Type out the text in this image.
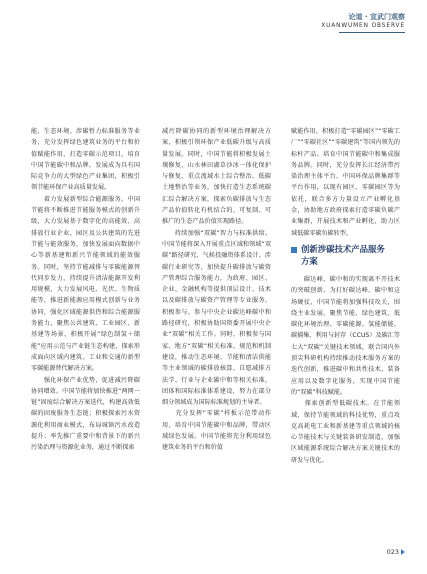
论道 · 宣武门观察
XUANWUMEN OBSERVE

能、生态环境、涉碳暂力标准服务等业务，充分发挥绿色建筑业务的平台和价值赋能作用，打造零碳示范项目，培育中国节能碳中和品牌，发展成为具有国际竞争力的大型绿色产业集团，积极引领节能环保产业高质量发展。
　　着力发展新型综合能源服务。中国节能将不断推进节能服务模式的创新升级，大力发展基于数字化的高能效、高排放行业企业、园区及公共建筑的先进节能与能效服务，加快发展面向数据中心等新基建和新兴节能领域的能效服务。同时，坚持节能减排与零碳能源替代同步发力，持续提升清洁能源开发利用规模，大力发展风电、光伏、生物质能等，推进新能源应用模式创新与业务协同，强化区域能源供热和综合能源服务能力，聚焦公共建筑、工业园区、新基建等场景，积极开展“绿色制氢＋储能”应用示范与产业链生态构建，探索形成面向区域内建筑、工业和交通的新型零碳能源替代解决方案。
　　强化环保产业优势，促进减污降碳协同增效。中国节能将加快推进“两网一链”固废综合解决方案迭代，构建高效低碳的固废服务生态链；积极探索污水资源化利用商业模式，布局城镇污水改造提升；率先推广重要中和背景下的新兴污染治理与资源化业务，通过不断探索

减污降碳协同的新型环境治理解决方案，积极引领环保产业低碳升级与高质量发展。同时，中国节能将积极发展土壤修复、山水林田湖草沙冰一体化保护与修复，重点流域水土综合整治、低碳土地整治等业务，加快打造生态系统碳汇综合解决方案，探索负碳排放与生态产品价值转化有机结合的、可复制、可推广的生态产品价值实现路径。
　　持续加强“双碳”智力与标准供给。中国节能将深入开展重点区域和领域“双碳”路径研究、气候投融资体系设计、涉碳行业研究等，加快提升碳排放与碳资产管理综合服务能力，为政府、园区、企业、金融机构等提供顶层设计、技术以及碳排放与碳资产管理等专业服务，积极参与、参与中央企业碳达峰碳中和路径研究，积极协助国资委开展中央企业“双碳”相关工作。同时，积极参与国家、地方“双碳”相关标准、规范和机制建设，推动生态环境、节能和清洁供能等主业领域的碳排放核算、自愿减排方法学、行业与企业碳中和等相关标准，团体和国际标准体系建设，努力在部分细分领域成为国际标准规划的主导者。
　　充分发挥“零碳”样板示范带动作用，培育中国节能碳中和品牌，带动区域绿色发展。中国节能将充分利用绿色建筑业务的平台和价值

赋能作用，积极打造“零碳园区”“零碳工厂”“零碳社区”“零碳建筑”等国内领先的标杆产品。培育中国节能碳中和集成服务品牌。同时，充分发挥长江经济带污染治理主体平台、中国环保品牌集群等平台作用，以现有园区、零碳园区等为依托，联合多方力量设立产业孵化基金，协助地方政府探索打造零碳负碳产业集群，开展技术和产业孵化，助力区域低碳零碳负碳转型。

创新涉碳技术产品服务
方案

　　碳达峰、碳中和的实现离不开技术的突破创新。为打好碳达峰、碳中和这场硬仗，中国节能将加强科技攻关，围绕主业发展，聚焦节能、绿色建筑、低碳化环境治理、零碳能源、氢能储能、碳捕集、利用与封存（CCUS）及碳汇等七大“双碳”关键技术领域，联合国内外顶尖科研机构持续推动技术服务方案的迭代创新，推进碳中和共性技术、装备应用以及数字化服务，实现中国节能的“双碳”科技赋能。
　　探索创新型低碳技术。在节能领域，保持节能领域的科技优势，重点攻克高耗电工业和新基建等重点领域的核心节能技术与关键装备研发制造，加强区域能源系统综合解决方案关键技术的研发与优化。

023
